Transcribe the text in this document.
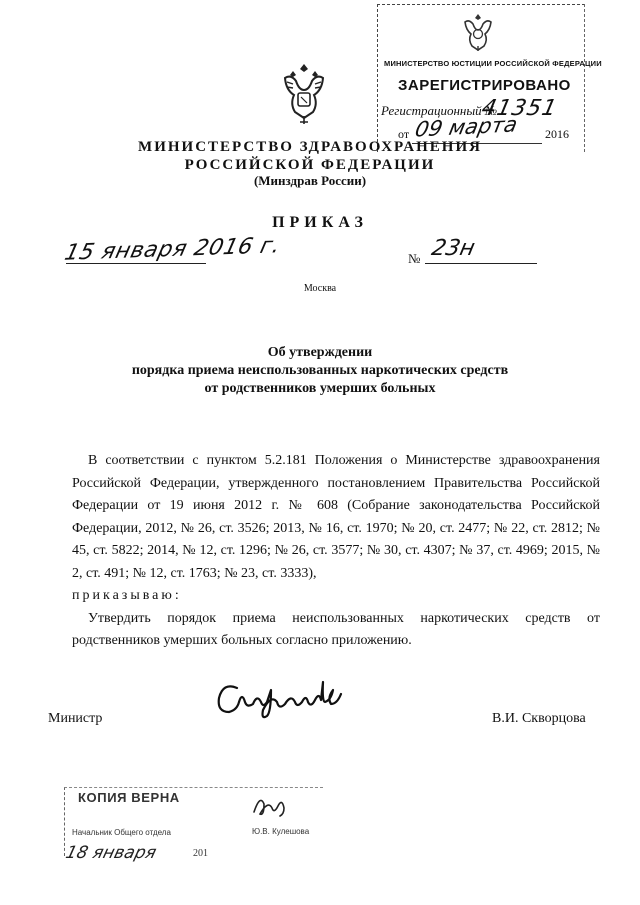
МИНИСТЕРСТВО ЮСТИЦИИ РОССИЙСКОЙ ФЕДЕРАЦИИ
ЗАРЕГИСТРИРОВАНО
Регистрационный №
41351
от 09 марта 2016
МИНИСТЕРСТВО ЗДРАВООХРАНЕНИЯ
РОССИЙСКОЙ ФЕДЕРАЦИИ
(Минздрав России)
ПРИКАЗ
15 января 2016 г.	№ 23н
Москва
Об утверждении
порядка приема неиспользованных наркотических средств
от родственников умерших больных

В соответствии с пунктом 5.2.181 Положения о Министерстве здравоохранения Российской Федерации, утвержденного постановлением Правительства Российской Федерации от 19 июня 2012 г. № 608 (Собрание законодательства Российской Федерации, 2012, № 26, ст. 3526; 2013, № 16, ст. 1970; № 20, ст. 2477; № 22, ст. 2812; № 45, ст. 5822; 2014, № 12, ст. 1296; № 26, ст. 3577; № 30, ст. 4307; № 37, ст. 4969; 2015, № 2, ст. 491; № 12, ст. 1763; № 23, ст. 3333),

приказываю:

Утвердить порядок приема неиспользованных наркотических средств от родственников умерших больных согласно приложению.

Министр	В.И. Скворцова
КОПИЯ ВЕРНА
Начальник Общего отдела	Ю.В. Кулешова
18 января	201
